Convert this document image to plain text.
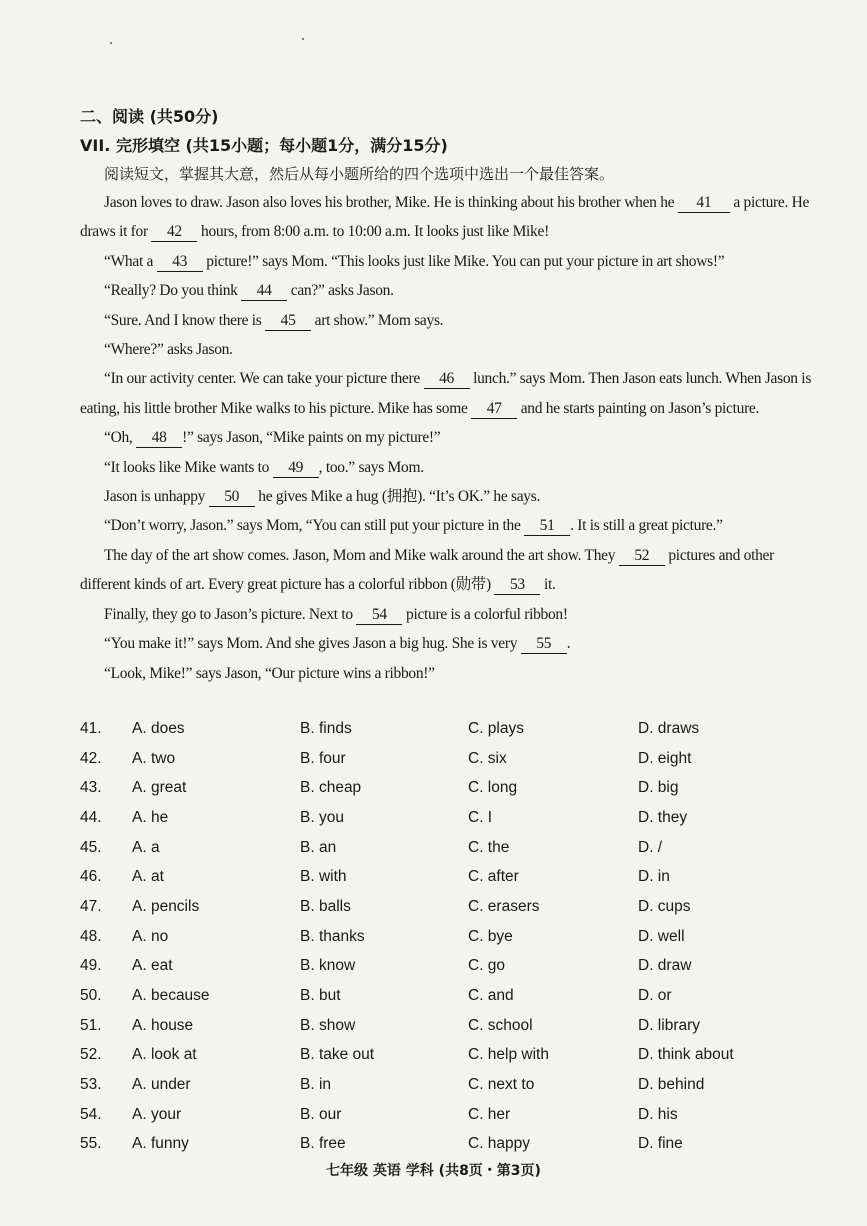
二、阅读 (共50分)
VII. 完形填空 (共15小题；每小题1分，满分15分)
阅读短文，掌握其大意，然后从每小题所给的四个选项中选出一个最佳答案。

Jason loves to draw. Jason also loves his brother, Mike. He is thinking about his brother when he 41 a picture. He draws it for 42 hours, from 8:00 a.m. to 10:00 a.m. It looks just like Mike!

“What a 43 picture!” says Mom. “This looks just like Mike. You can put your picture in art shows!”

“Really? Do you think 44 can?” asks Jason.

“Sure. And I know there is 45 art show.” Mom says.

“Where?” asks Jason.

“In our activity center. We can take your picture there 46 lunch.” says Mom. Then Jason eats lunch. When Jason is eating, his little brother Mike walks to his picture. Mike has some 47 and he starts painting on Jason’s picture.

“Oh, 48 !” says Jason, “Mike paints on my picture!”

“It looks like Mike wants to 49 , too.” says Mom.

Jason is unhappy 50 he gives Mike a hug (拥抱). “It’s OK.” he says.

“Don’t worry, Jason.” says Mom, “You can still put your picture in the 51 . It is still a great picture.”

The day of the art show comes. Jason, Mom and Mike walk around the art show. They 52 pictures and other different kinds of art. Every great picture has a colorful ribbon (勋带) 53 it.

Finally, they go to Jason’s picture. Next to 54 picture is a colorful ribbon!

“You make it!” says Mom. And she gives Jason a big hug. She is very 55 .

“Look, Mike!” says Jason, “Our picture wins a ribbon!”

41.	A. does	B. finds	C. plays	D. draws
42.	A. two	B. four	C. six	D. eight
43.	A. great	B. cheap	C. long	D. big
44.	A. he	B. you	C. I	D. they
45.	A. a	B. an	C. the	D. /
46.	A. at	B. with	C. after	D. in
47.	A. pencils	B. balls	C. erasers	D. cups
48.	A. no	B. thanks	C. bye	D. well
49.	A. eat	B. know	C. go	D. draw
50.	A. because	B. but	C. and	D. or
51.	A. house	B. show	C. school	D. library
52.	A. look at	B. take out	C. help with	D. think about
53.	A. under	B. in	C. next to	D. behind
54.	A. your	B. our	C. her	D. his
55.	A. funny	B. free	C. happy	D. fine
七年级 英语 学科 (共8页・第3页)
